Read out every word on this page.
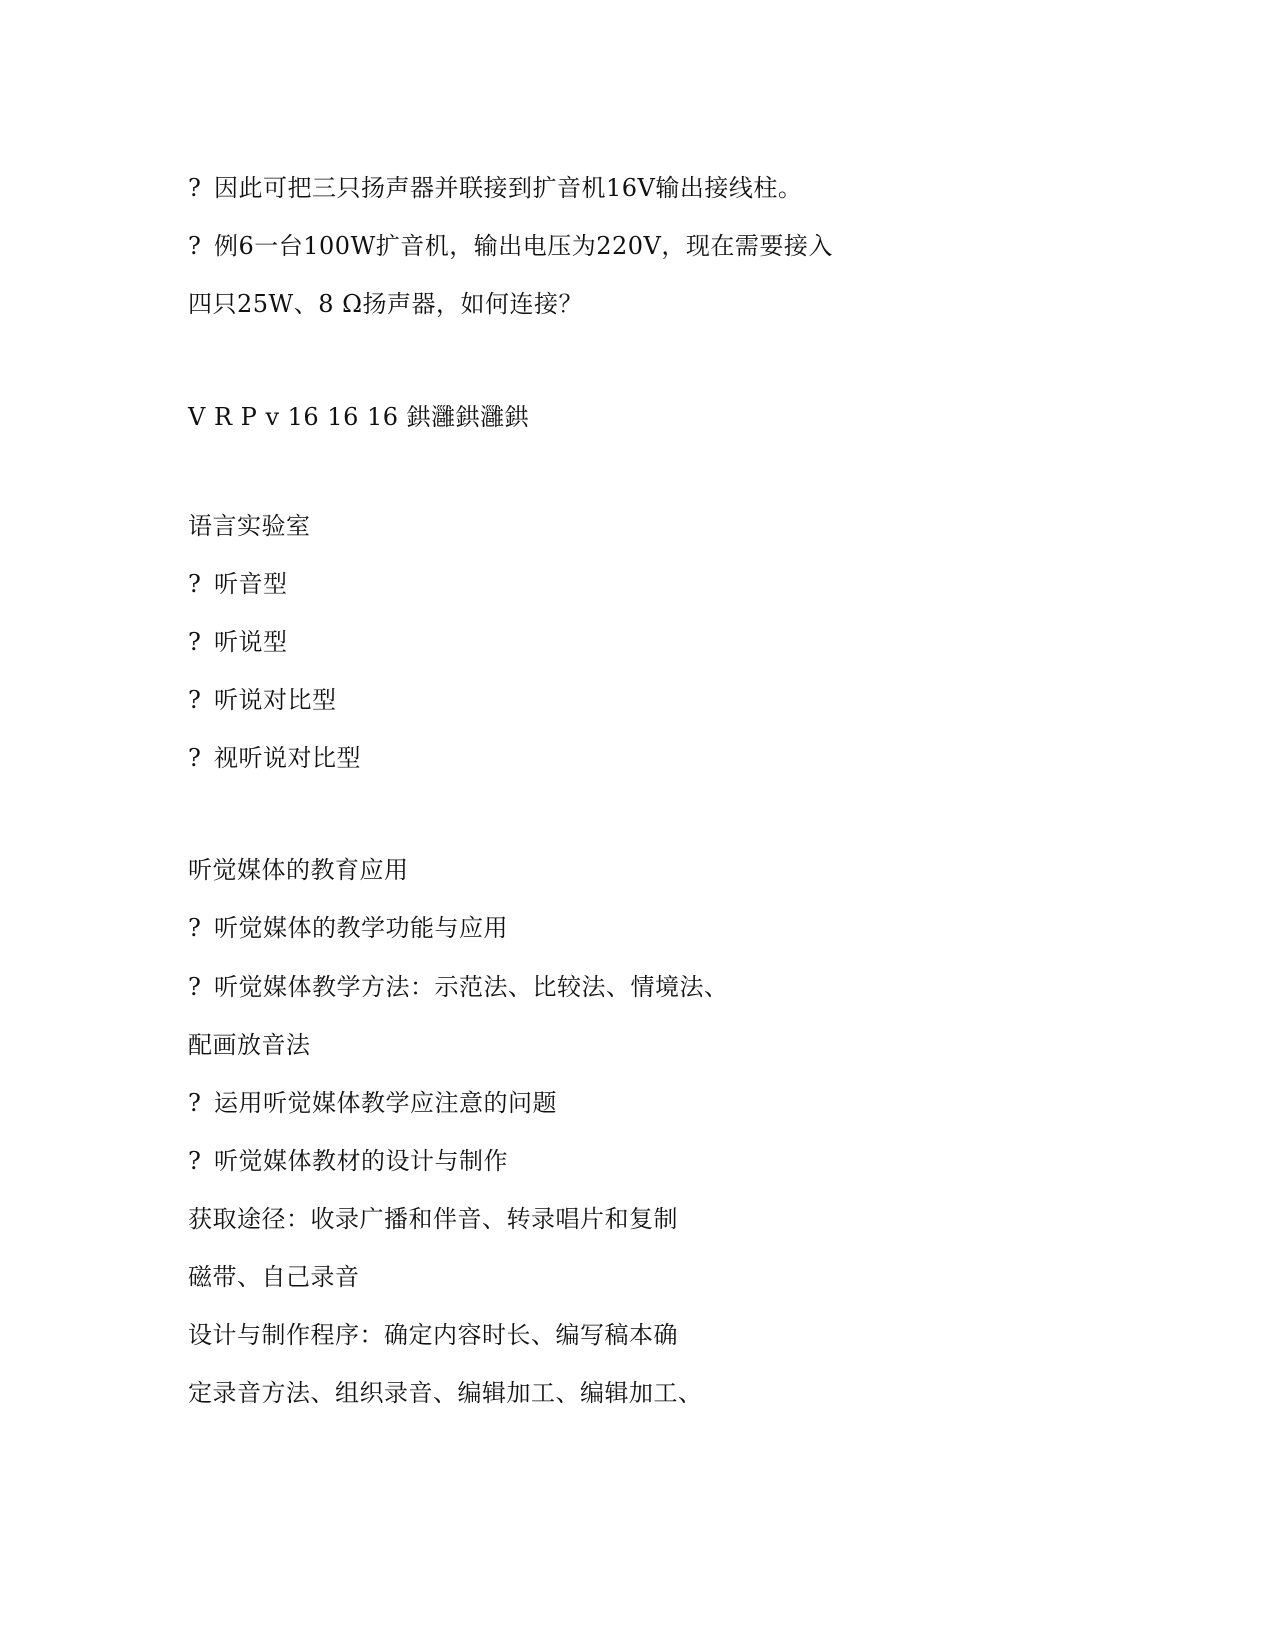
? 因此可把三只扬声器并联接到扩音机16V输出接线柱。

? 例6一台100W扩音机，输出电压为220V，现在需要接入

四只25W、8 Ω扬声器，如何连接？

V R P v 16 16 16 鉷灉鉷灉鉷

语言实验室

? 听音型

? 听说型

? 听说对比型

? 视听说对比型

听觉媒体的教育应用

? 听觉媒体的教学功能与应用

? 听觉媒体教学方法：示范法、比较法、情境法、

配画放音法

? 运用听觉媒体教学应注意的问题

? 听觉媒体教材的设计与制作

获取途径：收录广播和伴音、转录唱片和复制

磁带、自己录音

设计与制作程序：确定内容时长、编写稿本确

定录音方法、组织录音、编辑加工、编辑加工、
